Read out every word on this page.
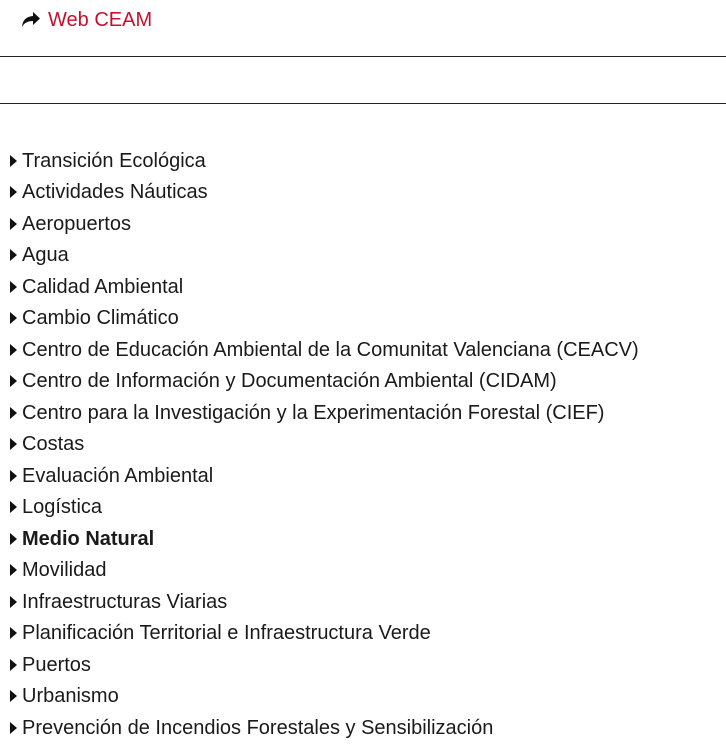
Web CEAM
Transición Ecológica
Actividades Náuticas
Aeropuertos
Agua
Calidad Ambiental
Cambio Climático
Centro de Educación Ambiental de la Comunitat Valenciana (CEACV)
Centro de Información y Documentación Ambiental (CIDAM)
Centro para la Investigación y la Experimentación Forestal (CIEF)
Costas
Evaluación Ambiental
Logística
Medio Natural
Movilidad
Infraestructuras Viarias
Planificación Territorial e Infraestructura Verde
Puertos
Urbanismo
Prevención de Incendios Forestales y Sensibilización
